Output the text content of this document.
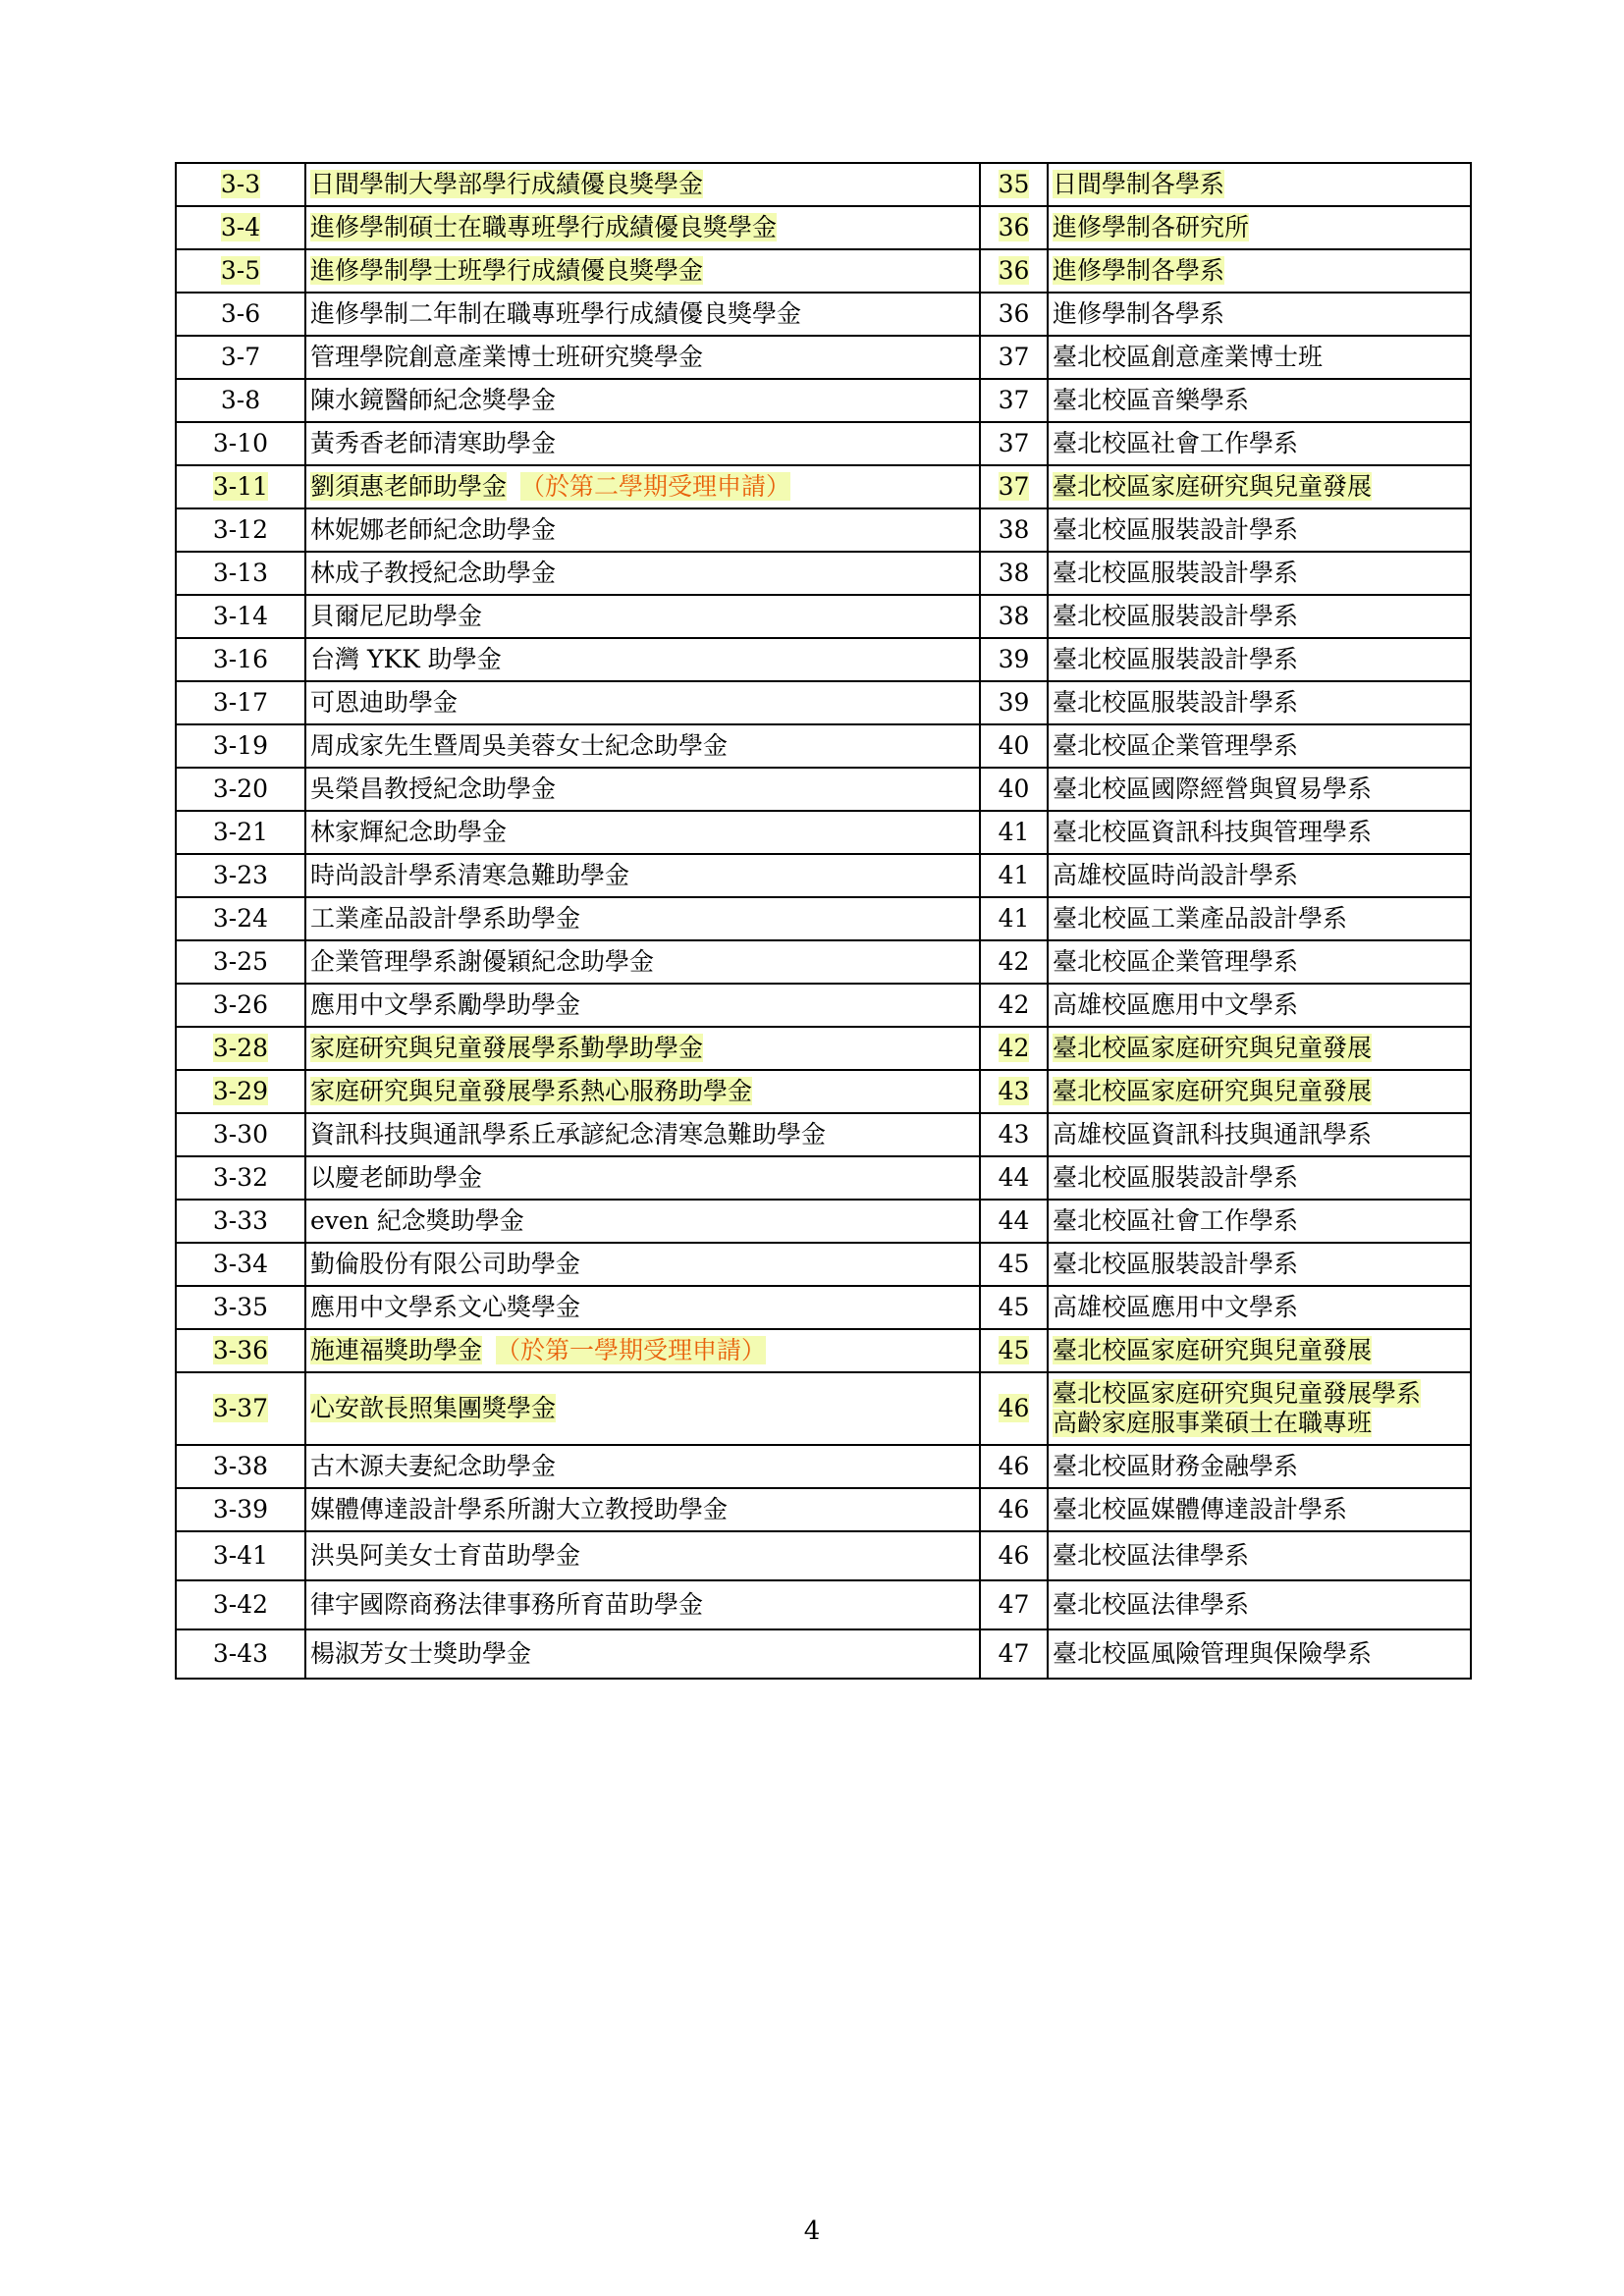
3-3	日間學制大學部學行成績優良獎學金	35	日間學制各學系

3-4	進修學制碩士在職專班學行成績優良獎學金	36	進修學制各研究所

3-5	進修學制學士班學行成績優良獎學金	36	進修學制各學系

3-6	進修學制二年制在職專班學行成績優良獎學金	36	進修學制各學系

3-7	管理學院創意產業博士班研究獎學金	37	臺北校區創意產業博士班

3-8	陳水鏡醫師紀念獎學金	37	臺北校區音樂學系

3-10	黃秀香老師清寒助學金	37	臺北校區社會工作學系

3-11	劉須惠老師助學金 （於第二學期受理申請）	37	臺北校區家庭研究與兒童發展

3-12	林妮娜老師紀念助學金	38	臺北校區服裝設計學系

3-13	林成子教授紀念助學金	38	臺北校區服裝設計學系

3-14	貝爾尼尼助學金	38	臺北校區服裝設計學系

3-16	台灣 YKK 助學金	39	臺北校區服裝設計學系

3-17	可恩迪助學金	39	臺北校區服裝設計學系

3-19	周成家先生暨周吳美蓉女士紀念助學金	40	臺北校區企業管理學系

3-20	吳榮昌教授紀念助學金	40	臺北校區國際經營與貿易學系

3-21	林家輝紀念助學金	41	臺北校區資訊科技與管理學系

3-23	時尚設計學系清寒急難助學金	41	高雄校區時尚設計學系

3-24	工業產品設計學系助學金	41	臺北校區工業產品設計學系

3-25	企業管理學系謝優穎紀念助學金	42	臺北校區企業管理學系

3-26	應用中文學系勵學助學金	42	高雄校區應用中文學系

3-28	家庭研究與兒童發展學系勤學助學金	42	臺北校區家庭研究與兒童發展

3-29	家庭研究與兒童發展學系熱心服務助學金	43	臺北校區家庭研究與兒童發展

3-30	資訊科技與通訊學系丘承諺紀念清寒急難助學金	43	高雄校區資訊科技與通訊學系

3-32	以慶老師助學金	44	臺北校區服裝設計學系

3-33	even 紀念獎助學金	44	臺北校區社會工作學系

3-34	勤倫股份有限公司助學金	45	臺北校區服裝設計學系

3-35	應用中文學系文心獎學金	45	高雄校區應用中文學系

3-36	施連福獎助學金 （於第一學期受理申請）	45	臺北校區家庭研究與兒童發展

3-37	心安歆長照集團獎學金	46	臺北校區家庭研究與兒童發展學系
高齡家庭服事業碩士在職專班

3-38	古木源夫妻紀念助學金	46	臺北校區財務金融學系

3-39	媒體傳達設計學系所謝大立教授助學金	46	臺北校區媒體傳達設計學系

3-41	洪吳阿美女士育苗助學金	46	臺北校區法律學系

3-42	律宇國際商務法律事務所育苗助學金	47	臺北校區法律學系

3-43	楊淑芳女士獎助學金	47	臺北校區風險管理與保險學系
4
